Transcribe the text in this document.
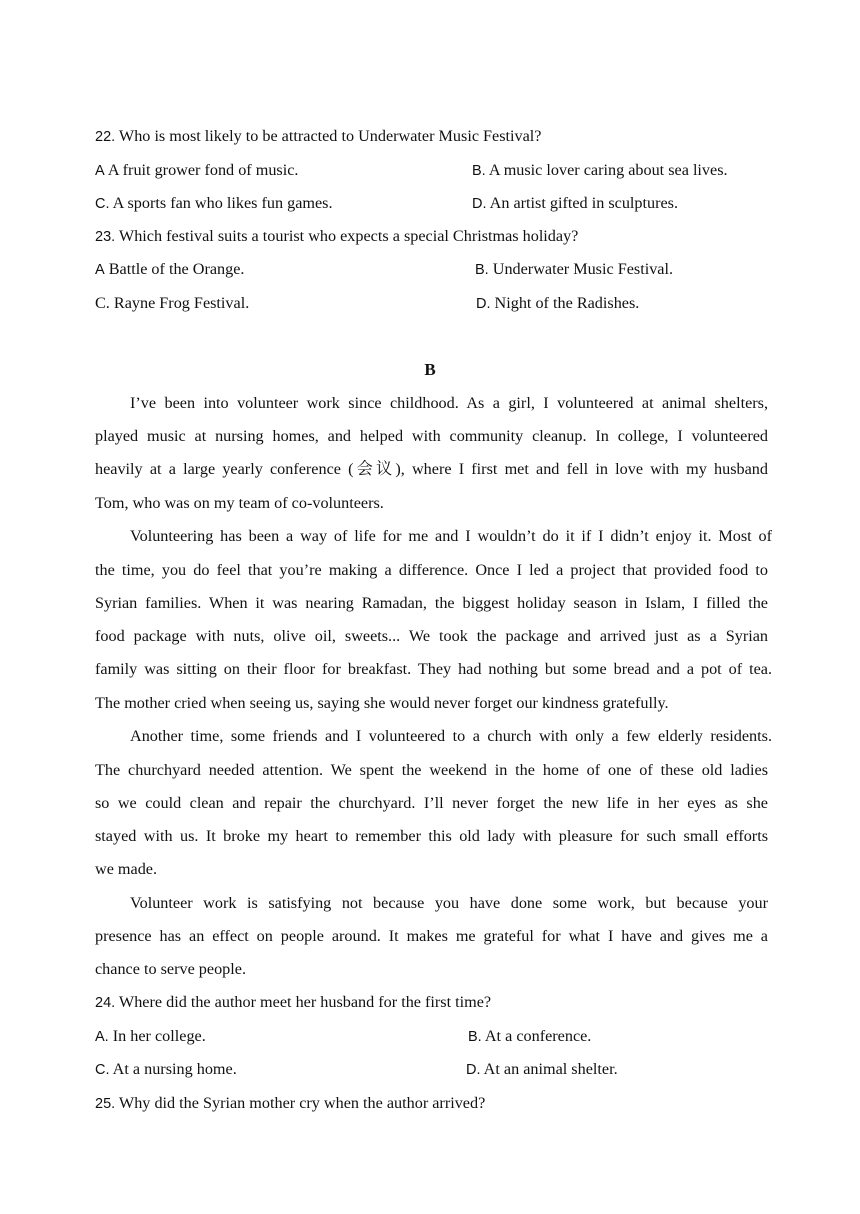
22. Who is most likely to be attracted to Underwater Music Festival?
A A fruit grower fond of music.	B. A music lover caring about sea lives.
C. A sports fan who likes fun games.	D. An artist gifted in sculptures.
23. Which festival suits a tourist who expects a special Christmas holiday?
A Battle of the Orange.	B. Underwater Music Festival.
C. Rayne Frog Festival.	D. Night of the Radishes.
B
I’ve been into volunteer work since childhood. As a girl, I volunteered at animal shelters,
played music at nursing homes, and helped with community cleanup. In college, I volunteered
heavily at a large yearly conference (会议), where I first met and fell in love with my husband
Tom, who was on my team of co-volunteers.
Volunteering has been a way of life for me and I wouldn’t do it if I didn’t enjoy it. Most of
the time, you do feel that you’re making a difference. Once I led a project that provided food to
Syrian families. When it was nearing Ramadan, the biggest holiday season in Islam, I filled the
food package with nuts, olive oil, sweets... We took the package and arrived just as a Syrian
family was sitting on their floor for breakfast. They had nothing but some bread and a pot of tea.
The mother cried when seeing us, saying she would never forget our kindness gratefully.
Another time, some friends and I volunteered to a church with only a few elderly residents.
The churchyard needed attention. We spent the weekend in the home of one of these old ladies
so we could clean and repair the churchyard. I’ll never forget the new life in her eyes as she
stayed with us. It broke my heart to remember this old lady with pleasure for such small efforts
we made.
Volunteer work is satisfying not because you have done some work, but because your
presence has an effect on people around. It makes me grateful for what I have and gives me a
chance to serve people.
24. Where did the author meet her husband for the first time?
A. In her college.	B. At a conference.
C. At a nursing home.	D. At an animal shelter.
25. Why did the Syrian mother cry when the author arrived?
